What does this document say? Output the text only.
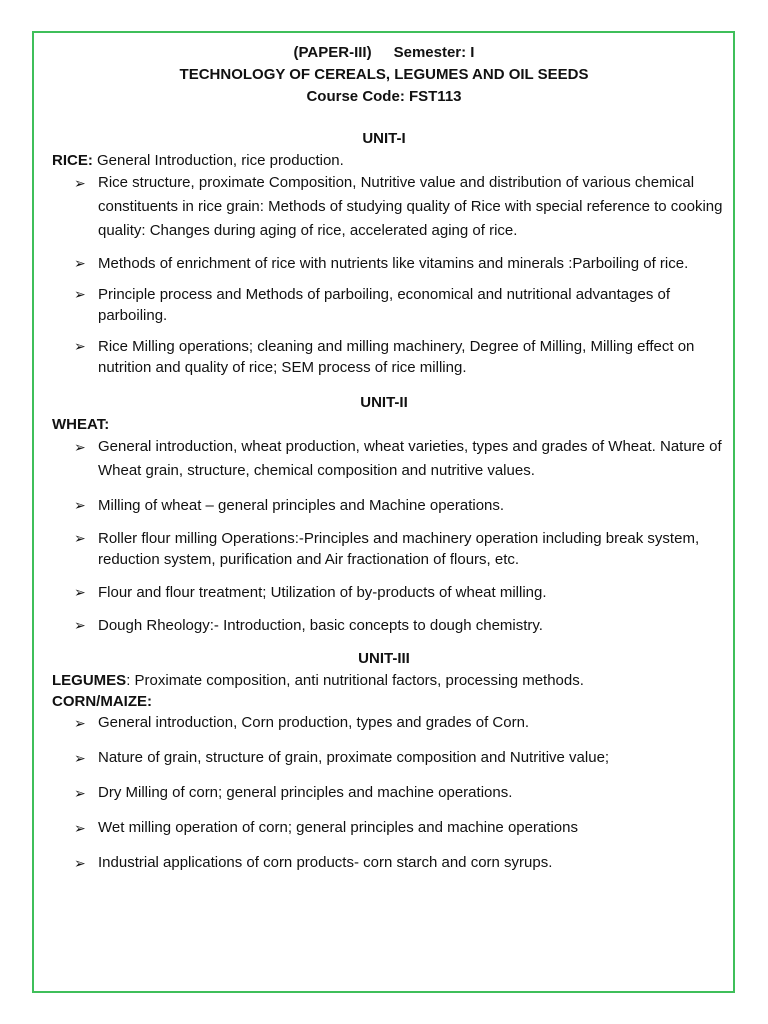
(PAPER-III) Semester: I
TECHNOLOGY OF CEREALS, LEGUMES AND OIL SEEDS
Course Code: FST113
UNIT-I
RICE: General Introduction, rice production.
➢ Rice structure, proximate Composition, Nutritive value and distribution of various chemical constituents in rice grain: Methods of studying quality of Rice with special reference to cooking quality: Changes during aging of rice, accelerated aging of rice.
➢ Methods of enrichment of rice with nutrients like vitamins and minerals :Parboiling of rice.
➢ Principle process and Methods of parboiling, economical and nutritional advantages of parboiling.
➢ Rice Milling operations; cleaning and milling machinery, Degree of Milling, Milling effect on nutrition and quality of rice; SEM process of rice milling.
UNIT-II
WHEAT:
➢ General introduction, wheat production, wheat varieties, types and grades of Wheat. Nature of Wheat grain, structure, chemical composition and nutritive values.
➢ Milling of wheat – general principles and Machine operations.
➢ Roller flour milling Operations:-Principles and machinery operation including break system, reduction system, purification and Air fractionation of flours, etc.
➢ Flour and flour treatment; Utilization of by-products of wheat milling.
➢ Dough Rheology:- Introduction, basic concepts to dough chemistry.
UNIT-III
LEGUMES: Proximate composition, anti nutritional factors, processing methods.
CORN/MAIZE:
➢ General introduction, Corn production, types and grades of Corn.
➢ Nature of grain, structure of grain, proximate composition and Nutritive value;
➢ Dry Milling of corn; general principles and machine operations.
➢ Wet milling operation of corn; general principles and machine operations
➢ Industrial applications of corn products- corn starch and corn syrups.
